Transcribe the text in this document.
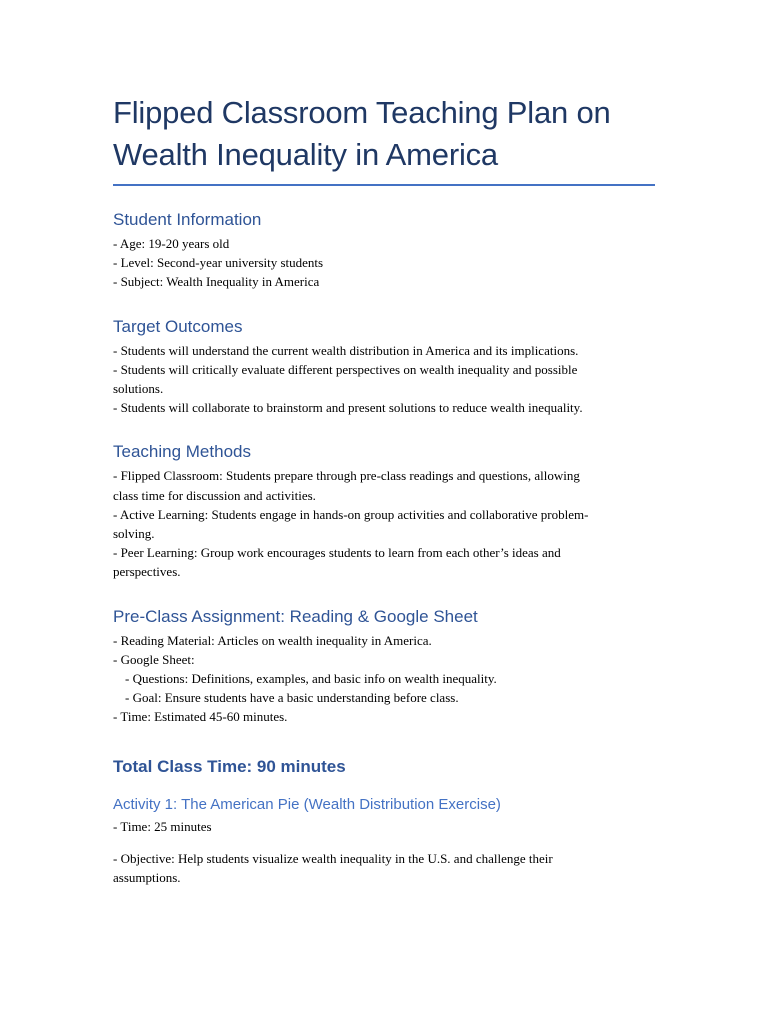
Flipped Classroom Teaching Plan on
Wealth Inequality in America
Student Information

- Age: 19-20 years old

- Level: Second-year university students

- Subject: Wealth Inequality in America

Target Outcomes

- Students will understand the current wealth distribution in America and its implications.

- Students will critically evaluate different perspectives on wealth inequality and possible

solutions.

- Students will collaborate to brainstorm and present solutions to reduce wealth inequality.

Teaching Methods

- Flipped Classroom: Students prepare through pre-class readings and questions, allowing

class time for discussion and activities.

- Active Learning: Students engage in hands-on group activities and collaborative problem-

solving.

- Peer Learning: Group work encourages students to learn from each other’s ideas and

perspectives.

Pre-Class Assignment: Reading & Google Sheet

- Reading Material: Articles on wealth inequality in America.

- Google Sheet:

- Questions: Definitions, examples, and basic info on wealth inequality.

- Goal: Ensure students have a basic understanding before class.

- Time: Estimated 45-60 minutes.

Total Class Time: 90 minutes
Activity 1: The American Pie (Wealth Distribution Exercise)

- Time: 25 minutes

- Objective: Help students visualize wealth inequality in the U.S. and challenge their

assumptions.
